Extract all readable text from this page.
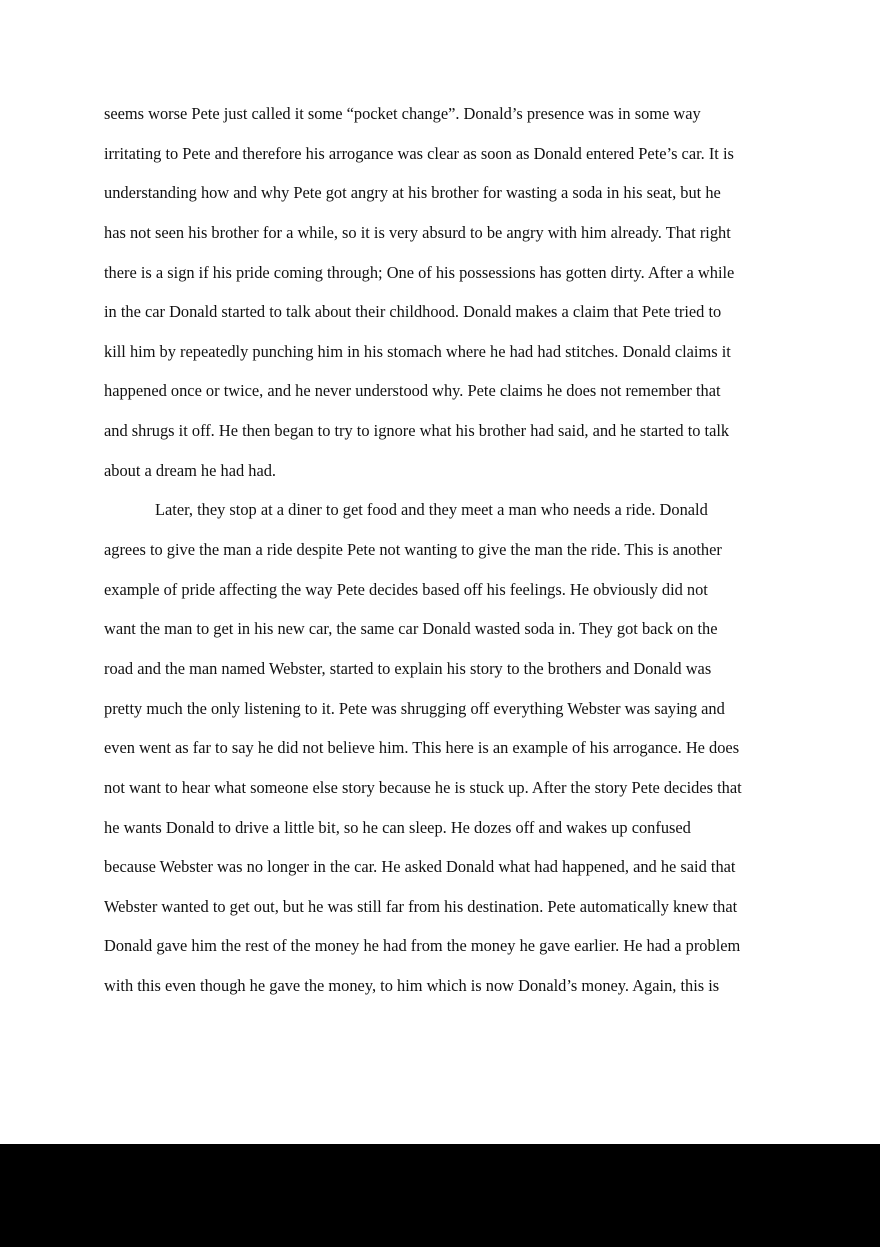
seems worse Pete just called it some “pocket change”. Donald’s presence was in some way
irritating to Pete and therefore his arrogance was clear as soon as Donald entered Pete’s car. It is
understanding how and why Pete got angry at his brother for wasting a soda in his seat, but he
has not seen his brother for a while, so it is very absurd to be angry with him already. That right
there is a sign if his pride coming through; One of his possessions has gotten dirty. After a while
in the car Donald started to talk about their childhood. Donald makes a claim that Pete tried to
kill him by repeatedly punching him in his stomach where he had had stitches. Donald claims it
happened once or twice, and he never understood why. Pete claims he does not remember that
and shrugs it off. He then began to try to ignore what his brother had said, and he started to talk
about a dream he had had.
Later, they stop at a diner to get food and they meet a man who needs a ride. Donald
agrees to give the man a ride despite Pete not wanting to give the man the ride. This is another
example of pride affecting the way Pete decides based off his feelings. He obviously did not
want the man to get in his new car, the same car Donald wasted soda in. They got back on the
road and the man named Webster, started to explain his story to the brothers and Donald was
pretty much the only listening to it. Pete was shrugging off everything Webster was saying and
even went as far to say he did not believe him. This here is an example of his arrogance. He does
not want to hear what someone else story because he is stuck up. After the story Pete decides that
he wants Donald to drive a little bit, so he can sleep. He dozes off and wakes up confused
because Webster was no longer in the car. He asked Donald what had happened, and he said that
Webster wanted to get out, but he was still far from his destination. Pete automatically knew that
Donald gave him the rest of the money he had from the money he gave earlier. He had a problem
with this even though he gave the money, to him which is now Donald’s money. Again, this is
